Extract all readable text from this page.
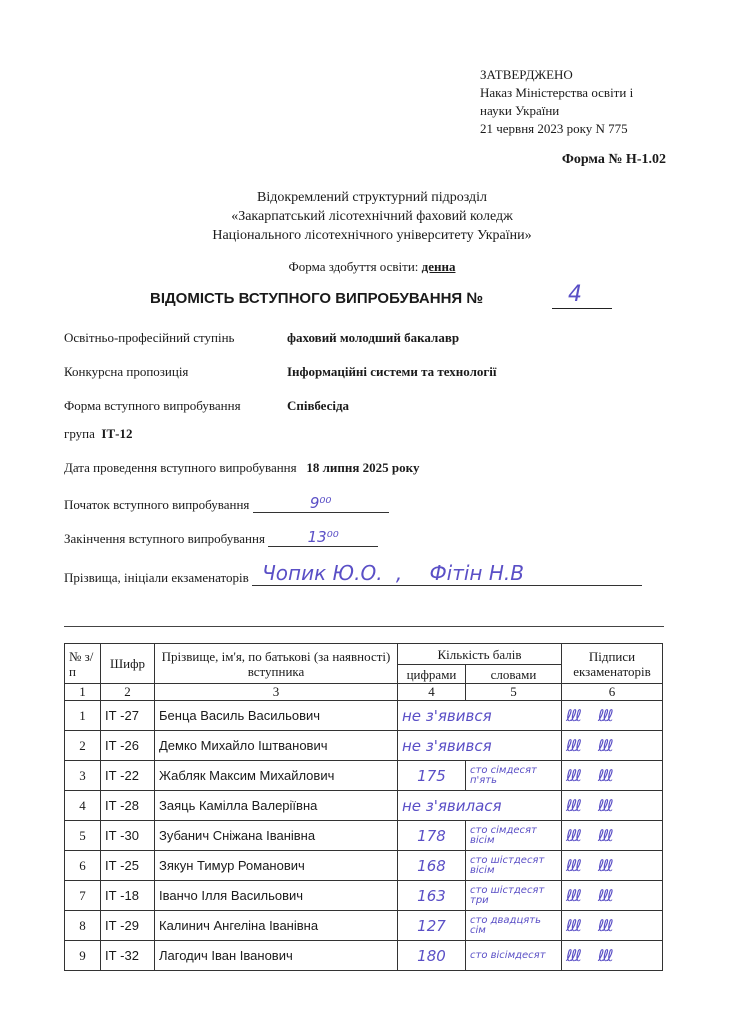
ЗАТВЕРДЖЕНО
Наказ Міністерства освіти і
науки України
21 червня 2023 року N 775
Форма № Н-1.02
Відокремлений структурний підрозділ
«Закарпатський лісотехнічний фаховий коледж
Національного лісотехнічного університету України»
Форма здобуття освіти: денна
ВІДОМІСТЬ ВСТУПНОГО ВИПРОБУВАННЯ №	4
Освітньо-професійний ступінь	фаховий молодший бакалавр
Конкурсна пропозиція	Інформаційні системи та технології
Форма вступного випробування	Співбесіда
група ІТ-12
Дата проведення вступного випробування 18 липня 2025 року
Початок вступного випробування	9⁰⁰
Закінчення вступного випробування	13⁰⁰
Прізвища, ініціали екзаменаторів Чопик Ю.О. , Фітін Н.В
№ з/п	Шифр	Прізвище, ім'я, по батькові (за наявності) вступника	Кількість балів		Підписи екзаменаторів
			цифрами	словами	
1	2	3	4	5	6
1	ІТ -27	Бенца Василь Васильович	не з'явився		ℓℓℓ ℓℓℓ
2	ІТ -26	Демко Михайло Іштванович	не з'явився		ℓℓℓ ℓℓℓ
3	ІТ -22	Жабляк Максим Михайлович	175	сто сімдесят п'ять	ℓℓℓ ℓℓℓ
4	ІТ -28	Заяць Камілла Валеріївна	не з'явилася		ℓℓℓ ℓℓℓ
5	ІТ -30	Зубанич Сніжана Іванівна	178	сто сімдесят вісім	ℓℓℓ ℓℓℓ
6	ІТ -25	Зякун Тимур Романович	168	сто шістдесят вісім	ℓℓℓ ℓℓℓ
7	ІТ -18	Іванчо Ілля Васильович	163	сто шістдесят три	ℓℓℓ ℓℓℓ
8	ІТ -29	Калинич Ангеліна Іванівна	127	сто двадцять сім	ℓℓℓ ℓℓℓ
9	ІТ -32	Лагодич Іван Іванович	180	сто вісімдесят	ℓℓℓ ℓℓℓ
